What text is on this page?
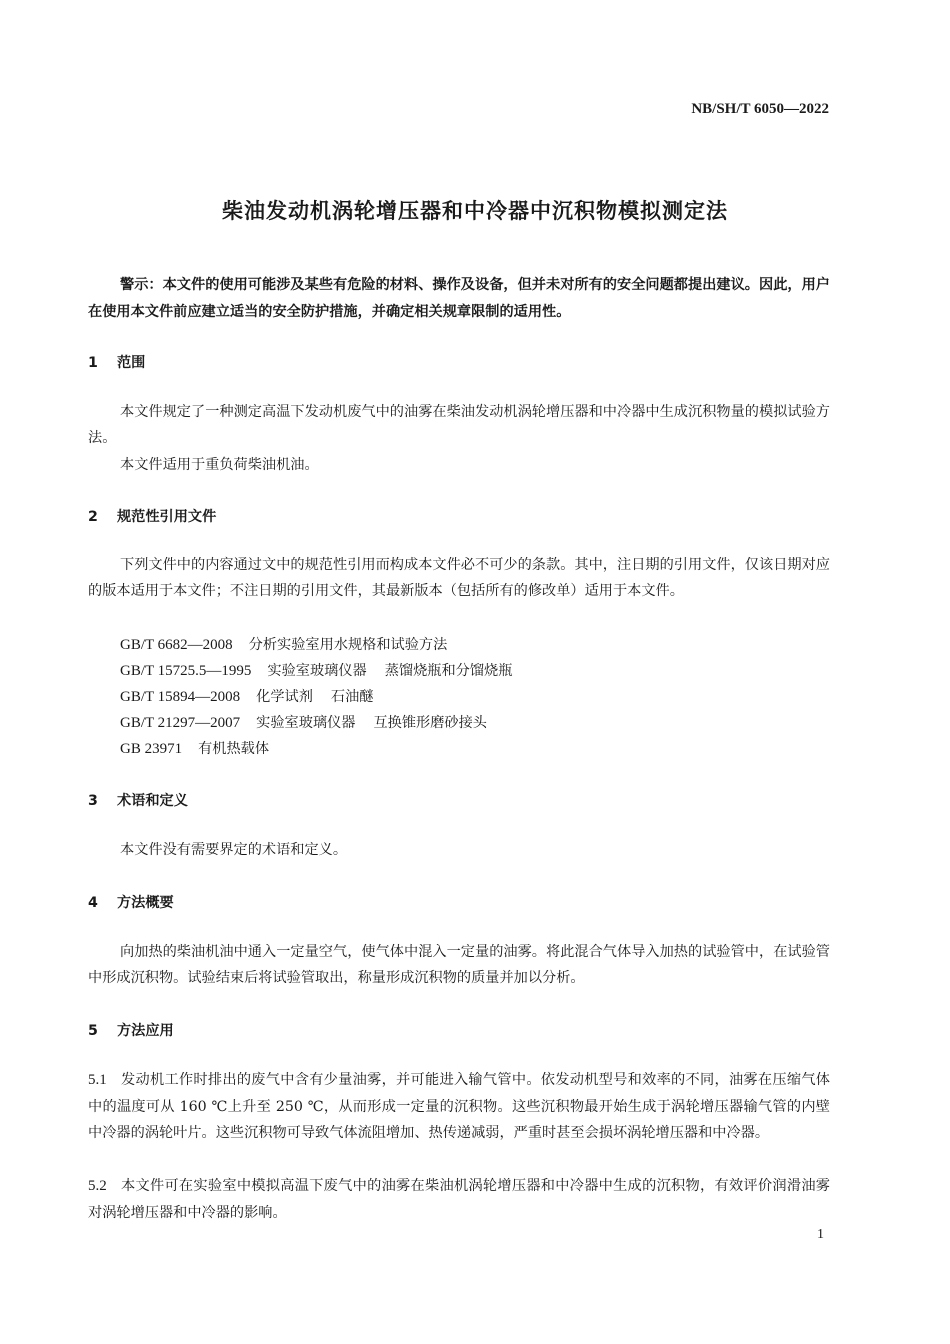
NB/SH/T 6050—2022
柴油发动机涡轮增压器和中冷器中沉积物模拟测定法
警示：本文件的使用可能涉及某些有危险的材料、操作及设备，但并未对所有的安全问题都提出建议。因此，用户在使用本文件前应建立适当的安全防护措施，并确定相关规章限制的适用性。
1 范围
本文件规定了一种测定高温下发动机废气中的油雾在柴油发动机涡轮增压器和中冷器中生成沉积物量的模拟试验方法。
本文件适用于重负荷柴油机油。
2 规范性引用文件
下列文件中的内容通过文中的规范性引用而构成本文件必不可少的条款。其中，注日期的引用文件，仅该日期对应的版本适用于本文件；不注日期的引用文件，其最新版本（包括所有的修改单）适用于本文件。
GB/T 6682—2008 分析实验室用水规格和试验方法
GB/T 15725.5—1995 实验室玻璃仪器 蒸馏烧瓶和分馏烧瓶
GB/T 15894—2008 化学试剂 石油醚
GB/T 21297—2007 实验室玻璃仪器 互换锥形磨砂接头
GB 23971 有机热载体
3 术语和定义
本文件没有需要界定的术语和定义。
4 方法概要
向加热的柴油机油中通入一定量空气，使气体中混入一定量的油雾。将此混合气体导入加热的试验管中，在试验管中形成沉积物。试验结束后将试验管取出，称量形成沉积物的质量并加以分析。
5 方法应用
5.1 发动机工作时排出的废气中含有少量油雾，并可能进入输气管中。依发动机型号和效率的不同，油雾在压缩气体中的温度可从 160 ℃上升至 250 ℃，从而形成一定量的沉积物。这些沉积物最开始生成于涡轮增压器输气管的内壁中冷器的涡轮叶片。这些沉积物可导致气体流阻增加、热传递减弱，严重时甚至会损坏涡轮增压器和中冷器。
5.2 本文件可在实验室中模拟高温下废气中的油雾在柴油机涡轮增压器和中冷器中生成的沉积物，有效评价润滑油雾对涡轮增压器和中冷器的影响。
1
